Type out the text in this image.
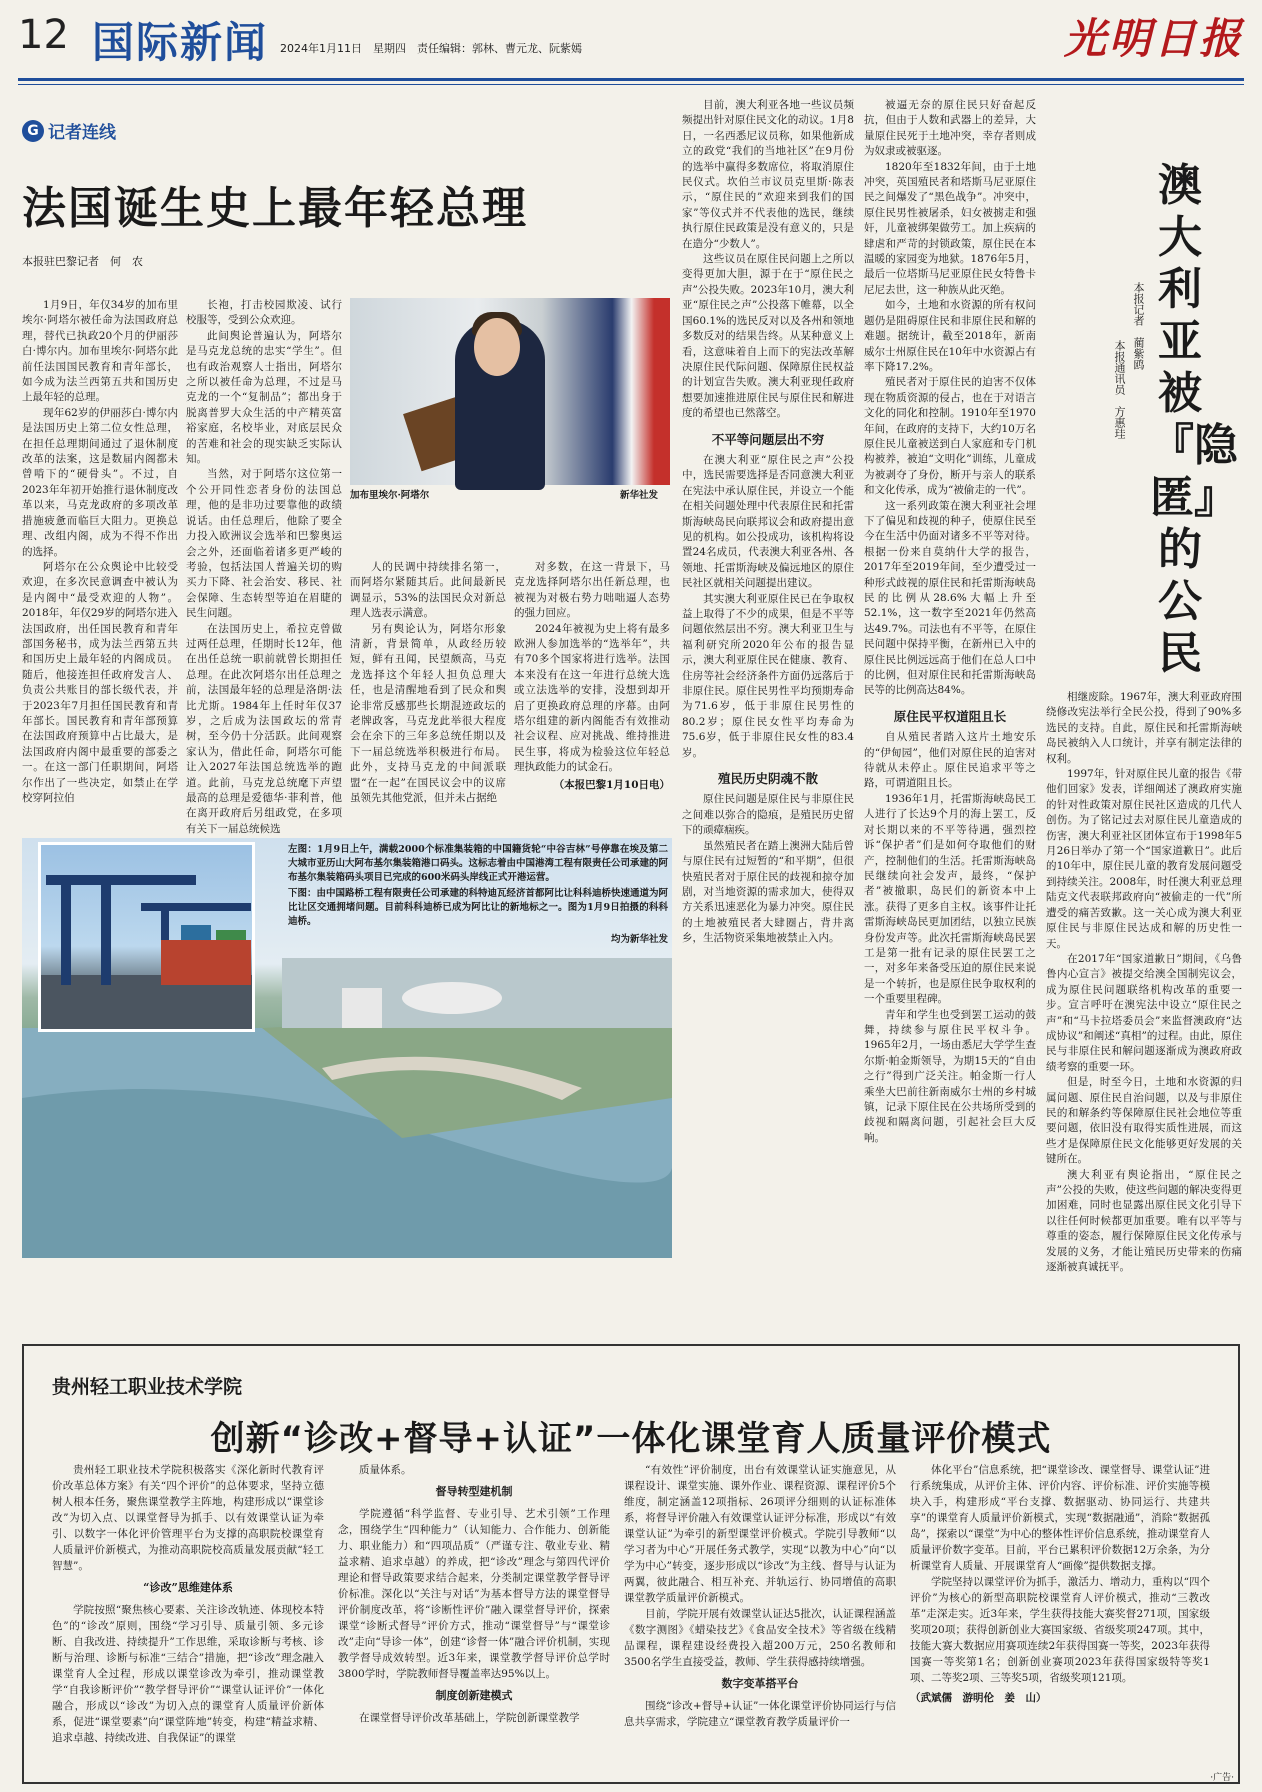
12 国际新闻 2024年1月11日　星期四　责任编辑：郭林、曹元龙、阮紫嫣	光明日报
G 记者连线
法国诞生史上最年轻总理
本报驻巴黎记者　何　农

1月9日，年仅34岁的加布里埃尔·阿塔尔被任命为法国政府总理，替代已执政20个月的伊丽莎白·博尔内。加布里埃尔·阿塔尔此前任法国国民教育和青年部长，如今成为法兰西第五共和国历史上最年轻的总理。

现年62岁的伊丽莎白·博尔内是法国历史上第二位女性总理，在担任总理期间通过了退休制度改革的法案，这是数届内阁都未曾啃下的“硬骨头”。不过，自2023年年初开始推行退休制度改革以来，马克龙政府的多项改革措施疲惫而临巨大阻力。更换总理、改组内阁，成为不得不作出的选择。

阿塔尔在公众舆论中比较受欢迎，在多次民意调查中被认为是内阁中“最受欢迎的人物”。2018年，年仅29岁的阿塔尔进入法国政府，出任国民教育和青年部国务秘书，成为法兰西第五共和国历史上最年轻的内阁成员。随后，他接连担任政府发言人、负责公共账目的部长级代表，并于2023年7月担任国民教育和青年部长。国民教育和青年部预算在法国政府预算中占比最大，是法国政府内阁中最重要的部委之一。在这一部门任职期间，阿塔尔作出了一些决定，如禁止在学校穿阿拉伯

长袍，打击校园欺凌、试行校服等，受到公众欢迎。

此间舆论普遍认为，阿塔尔是马克龙总统的忠实“学生”。但也有政治观察人士指出，阿塔尔之所以被任命为总理，不过是马克龙的一个“复制品”；都出身于脱离普罗大众生活的中产精英富裕家庭，名校毕业，对底层民众的苦难和社会的现实缺乏实际认知。

当然，对于阿塔尔这位第一个公开同性恋者身份的法国总理，他的是非功过要靠他的政绩说话。由任总理后，他除了要全力投入欧洲议会选举和巴黎奥运会之外，还面临着诸多更严峻的考验，包括法国人普遍关切的购买力下降、社会治安、移民、社会保障、生态转型等迫在眉睫的民生问题。

在法国历史上，希拉克曾做过两任总理，任期时长12年，他在出任总统一职前就曾长期担任总理。在此次阿塔尔出任总理之前，法国最年轻的总理是洛朗·法比尤斯。1984年上任时年仅37岁，之后成为法国政坛的常青树，至今仍十分活跃。此间观察家认为，借此任命，阿塔尔可能让入2027年法国总统选举的跑道。此前，马克龙总统麾下声望最高的总理是爱德华·菲利普，他在离开政府后另组政党，在多项有关下一届总统候选

人的民调中持续排名第一，而阿塔尔紧随其后。此间最新民调显示，53%的法国民众对新总理人选表示满意。

另有舆论认为，阿塔尔形象清新，背景简单，从政经历较短，鲜有丑闻，民望颇高，马克龙选择这个年轻人担负总理大任，也是清醒地看到了民众和舆论非常反感那些长期混迹政坛的老牌政客，马克龙此举很大程度会在余下的三年多总统任期以及下一届总统选举积极进行布局。此外，支持马克龙的中间派联盟“在一起”在国民议会中的议席虽领先其他党派，但并未占据绝

对多数，在这一背景下，马克龙选择阿塔尔出任新总理，也被视为对极右势力咄咄逼人态势的强力回应。

2024年被视为史上将有最多欧洲人参加选举的“选举年”，共有70多个国家将进行选举。法国本来没有在这一年进行总统大选或立法选举的安排，没想到却开启了更换政府总理的序幕。由阿塔尔组建的新内阁能否有效推动社会议程、应对挑战、维持推进民生事，将成为检验这位年轻总理执政能力的试金石。

（本报巴黎1月10日电）
加布里埃尔·阿塔尔	新华社发
左图：1月9日上午，满载2000个标准集装箱的中国籍货轮“中谷吉林”号停靠在埃及第二大城市亚历山大阿布基尔集装箱港口码头。这标志着由中国港湾工程有限责任公司承建的阿布基尔集装箱码头项目已完成的600米码头岸线正式开港运营。
下图：由中国路桥工程有限责任公司承建的科特迪瓦经济首都阿比让科科迪桥快速通道为阿比让区交通拥堵问题。目前科科迪桥已成为阿比让的新地标之一。图为1月9日拍摄的科科迪桥。
均为新华社发

目前，澳大利亚各地一些议员频频提出针对原住民文化的动议。1月8日，一名西悉尼议员称，如果他新成立的政党“我们的当地社区”在9月份的选举中赢得多数席位，将取消原住民仪式。坎伯兰市议员克里斯·陈表示，“原住民的”欢迎来到我们的国家”等仪式并不代表他的选民，继续执行原住民政策是没有意义的，只是在造分“少数人”。

这些议员在原住民问题上之所以变得更加大胆，源于在于“原住民之声”公投失败。2023年10月，澳大利亚“原住民之声”公投落下帷幕，以全国60.1%的选民反对以及各州和领地多数反对的结果告终。从某种意义上看，这意味着自上而下的宪法改革解决原住民代际问题、保障原住民权益的计划宣告失败。澳大利亚现任政府想要加速推进原住民与原住民和解进度的希望也已然落空。

不平等问题层出不穷

在澳大利亚“原住民之声”公投中，选民需要选择是否同意澳大利亚在宪法中承认原住民，并设立一个能在相关问题处理中代表原住民和托雷斯海峡岛民向联邦议会和政府提出意见的机构。如公投成功，该机构将设置24名成员，代表澳大利亚各州、各领地、托雷斯海峡及偏远地区的原住民社区就相关问题提出建议。

其实澳大利亚原住民已在争取权益上取得了不少的成果，但是不平等问题依然层出不穷。澳大利亚卫生与福利研究所2020年公布的报告显示，澳大利亚原住民在健康、教育、住房等社会经济条件方面仍远落后于非原住民。原住民男性平均预期寿命为71.6岁，低于非原住民男性的80.2岁；原住民女性平均寿命为75.6岁，低于非原住民女性的83.4岁。

殖民历史阴魂不散

原住民问题是原住民与非原住民之间难以弥合的隐痕，是殖民历史留下的顽瘴痼疾。

虽然殖民者在踏上澳洲大陆后曾与原住民有过短暂的“和平期”，但很快殖民者对于原住民的歧视和掠夺加剧，对当地资源的需求加大，使得双方关系迅速恶化为暴力冲突。原住民的土地被殖民者大肆圈占，背井离乡，生活物资采集地被禁止入内。

被逼无奈的原住民只好奋起反抗，但由于人数和武器上的差异，大量原住民死于土地冲突，幸存者则成为奴隶或被驱逐。

1820年至1832年间，由于土地冲突，英国殖民者和塔斯马尼亚原住民之间爆发了“黑色战争”。冲突中，原住民男性被屠杀，妇女被掳走和强奸，儿童被绑架做劳工。加上疾病的肆虐和严苛的封锁政策，原住民在本温暖的家园变为地狱。1876年5月，最后一位塔斯马尼亚原住民女特鲁卡尼尼去世，这一种族从此灭绝。

如今，土地和水资源的所有权问题仍是阻碍原住民和非原住民和解的难题。据统计，截至2018年，新南威尔士州原住民在10年中水资源占有率下降17.2%。

殖民者对于原住民的迫害不仅体现在物质资源的侵占，也在于对语言文化的同化和控制。1910年至1970年间，在政府的支持下，大约10万名原住民儿童被送到白人家庭和专门机构被养，被迫“文明化”训练，儿童成为被剥夺了身份，断开与亲人的联系和文化传承，成为“被偷走的一代”。

这一系列政策在澳大利亚社会埋下了偏见和歧视的种子，使原住民至今在生活中仍面对诸多不平等对待。根据一份来自莫纳什大学的报告，2017年至2019年间，至少遭受过一种形式歧视的原住民和托雷斯海峡岛民的比例从28.6%大幅上升至52.1%，这一数字至2021年仍然高达49.7%。司法也有不平等，在原住民问题中保持平衡，在新州已入中的原住民比例远远高于他们在总人口中的比例，但对原住民和托雷斯海峡岛民等的比例高达84%。

原住民平权道阻且长

自从殖民者踏入这片土地安乐的“伊甸园”，他们对原住民的迫害对待就从未停止。原住民追求平等之路，可谓道阻且长。

1936年1月，托雷斯海峡岛民工人进行了长达9个月的海上罢工，反对长期以来的不平等待遇，强烈控诉“保护者”们是如何夺取他们的财产，控制他们的生活。托雷斯海峡岛民继续向社会发声，最终，“保护者”被撤职，岛民们的新资本中上涨。获得了更多自主权。该事件让托雷斯海峡岛民更加团结，以独立民族身份发声等。此次托雷斯海峡岛民罢工是第一批有记录的原住民罢工之一，对多年来备受压迫的原住民来说是一个转折，也是原住民争取权利的一个重要里程碑。

青年和学生也受到罢工运动的鼓舞，持续参与原住民平权斗争。1965年2月，一场由悉尼大学学生查尔斯·帕金斯领导，为期15天的“自由之行”得到广泛关注。帕金斯一行人乘坐大巴前往新南威尔士州的乡村城镇，记录下原住民在公共场所受到的歧视和隔离问题，引起社会巨大反响。

相继废除。1967年，澳大利亚政府围绕修改宪法举行全民公投，得到了90%多选民的支持。自此，原住民和托雷斯海峡岛民被纳入人口统计，并享有制定法律的权利。

1997年，针对原住民儿童的报告《带他们回家》发表，详细阐述了澳政府实施的针对性政策对原住民社区造成的几代人创伤。为了铭记过去对原住民儿童造成的伤害，澳大利亚社区团体宣布于1998年5月26日举办了第一个“国家道歉日”。此后的10年中，原住民儿童的教育发展问题受到持续关注。2008年，时任澳大利亚总理陆克文代表联邦政府向“被偷走的一代”所遭受的痛苦致歉。这一关心成为澳大利亚原住民与非原住民达成和解的历史性一天。

在2017年“国家道歉日”期间，《乌鲁鲁内心宣言》被提交给澳全国制宪议会，成为原住民问题联络机构改革的重要一步。宣言呼吁在澳宪法中设立“原住民之声”和“马卡拉塔委员会”来监督澳政府“达成协议”和阐述“真相”的过程。由此，原住民与非原住民和解问题逐渐成为澳政府政绩考察的重要一环。

但是，时至今日，土地和水资源的归属问题、原住民自治问题，以及与非原住民的和解条约等保障原住民社会地位等重要问题，依旧没有取得实质性进展，而这些才是保障原住民文化能够更好发展的关键所在。

澳大利亚有舆论指出，“原住民之声”公投的失败，使这些问题的解决变得更加困难，同时也显露出原住民文化引导下以往任何时候都更加重要。唯有以平等与尊重的姿态，履行保障原住民文化传承与发展的义务，才能让殖民历史带来的伤痛逐渐被真诚抚平。

澳大利亚被『隐匿』的公民
本报记者　蔺紫鸥
本报通讯员　方惠珪
贵州轻工职业技术学院
创新“诊改+督导+认证”一体化课堂育人质量评价模式

贵州轻工职业技术学院积极落实《深化新时代教育评价改革总体方案》有关“四个评价”的总体要求，坚持立德树人根本任务，聚焦课堂教学主阵地，构建形成以“课堂诊改”为切入点、以课堂督导为抓手、以有效课堂认证为牵引、以数字一体化评价管理平台为支撑的高职院校课堂育人质量评价新模式，为推动高职院校高质量发展贡献“轻工智慧”。

“诊改”思维建体系

学院按照“聚焦核心要素、关注诊改轨迹、体现校本特色”的“诊改”原则，围绕“学习引导、质量引领、多元诊断、自我改进、持续提升”工作思维，采取诊断与考核、诊断与治理、诊断与标准“三结合”措施，把“诊改”理念融入课堂育人全过程，形成以课堂诊改为牵引，推动课堂教学“自我诊断评价”“教学督导评价”“课堂认证评价”一体化融合，形成以“诊改”为切入点的课堂育人质量评价新体系，促进“课堂要素”向“课堂阵地”转变，构建“精益求精、追求卓越、持续改进、自我保证”的课堂

质量体系。

督导转型建机制

学院遵循“科学监督、专业引导、艺术引领”工作理念，围绕学生“四种能力”（认知能力、合作能力、创新能力、职业能力）和“四项品质”（严谨专注、敬业专业、精益求精、追求卓越）的养成，把“诊改”理念与第四代评价理论和督导政策要求结合起来，分类制定课堂教学督导评价标准。深化以“关注与对话”为基本督导方法的课堂督导评价制度改革，将“诊断性评价”融入课堂督导评价，探索课堂“诊断式督导”评价方式，推动“课堂督导”与“课堂诊改”走向“导诊一体”，创建“诊督一体”融合评价机制，实现教学督导成效转型。近3年来，课堂教学督导评价总学时3800学时，学院教师督导覆盖率达95%以上。

制度创新建模式

在课堂督导评价改革基础上，学院创新课堂教学

“有效性”评价制度，出台有效课堂认证实施意见，从课程设计、课堂实施、课外作业、课程资源、课程评价5个维度，制定涵盖12项指标、26项评分细则的认证标准体系，将督导评价融入有效课堂认证评分标准，形成以“有效课堂认证”为牵引的新型课堂评价模式。学院引导教师“以学习者为中心”开展任务式教学，实现“以教为中心”向“以学为中心”转变，逐步形成以“诊改”为主线、督导与认证为两翼，彼此融合、相互补充、并轨运行、协同增值的高职课堂教学质量评价新模式。

目前，学院开展有效课堂认证达5批次，认证课程涵盖《数字测图》《蜡染技艺》《食品安全技术》等省级在线精品课程，课程建设经费投入超200万元，250名教师和3500名学生直接受益，教师、学生获得感持续增强。

数字变革搭平台

围绕“诊改+督导+认证”一体化课堂评价协同运行与信息共享需求，学院建立“课堂教育教学质量评价一

体化平台”信息系统，把“课堂诊改、课堂督导、课堂认证”进行系统集成，从评价主体、评价内容、评价标准、评价实施等模块入手，构建形成“平台支撑、数据驱动、协同运行、共建共享”的课堂育人质量评价新模式，实现“数据融通”，消除“数据孤岛”，探索以“课堂”为中心的整体性评价信息系统，推动课堂育人质量评价数字变革。目前，平台已累积评价数据12万余条，为分析课堂育人质量、开展课堂育人“画像”提供数据支撑。

学院坚持以课堂评价为抓手，激活力、增动力，重构以“四个评价”为核心的新型高职院校课堂育人评价模式，推动“三教改革”走深走实。近3年来，学生获得技能大赛奖督271项，国家级奖项20项；获得创新创业大赛国家级、省级奖项247项。其中，技能大赛大数据应用赛项连续2年获得国赛一等奖，2023年获得国赛一等奖第1名；创新创业赛项2023年获得国家级特等奖1项、二等奖2项、三等奖5项，省级奖项121项。

（武斌儒　游明伦　姜　山）
·广告·
